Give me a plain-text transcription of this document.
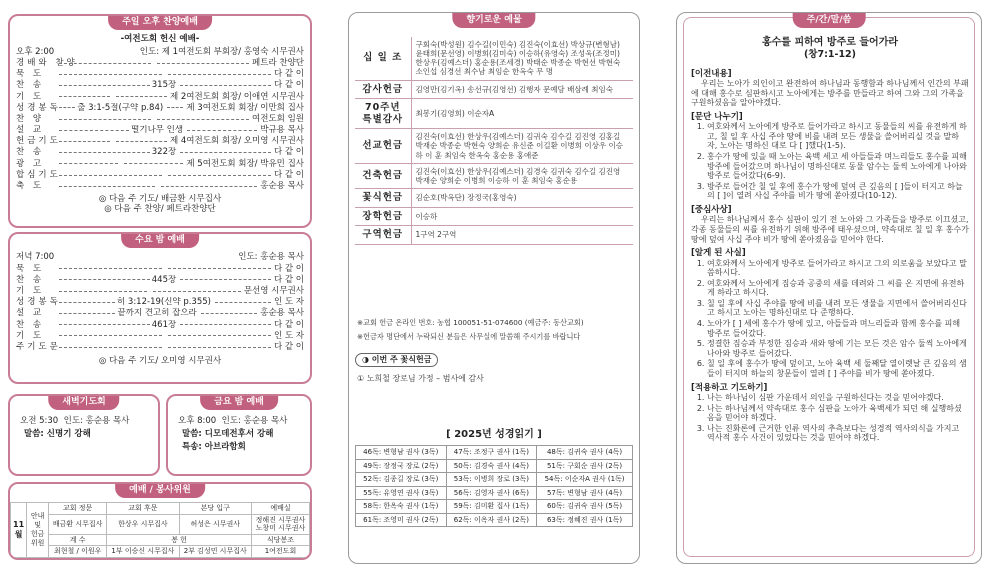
주일 오후 찬양예배
-여전도회 헌신 예배-
오후 2:00	인도: 제 1여전도회 부회장/ 홍영숙 시무권사
경배와 찬양	페트라 찬양단
묵 도	다 같 이
찬 송	315장	다 같 이
기 도	제 2여전도회 회장/ 이애연 시무권사
성경봉독 출 3:1-5절(구약 p.84)	제 3여전도회 회장/ 이만희 집사
찬 양	여전도회 임원
설 교	떨기나무 인생	박규용 목사
헌금기도	제 4여전도회 회장/ 오미영 시무권사
찬 송	322장	다 같 이
광 고	제 5여전도회 회장/ 박유민 집사
합심기도	다 같 이
축 도	홍순용 목사
◎ 다음 주 기도/ 배금환 시무집사
◎ 다음 주 찬양/ 페트라찬양단
수요 밤 예배
저녁 7:00	인도: 홍순용 목사
묵 도	다 같 이
찬 송	445장	다 같 이
기 도	문선영 시무권사
성경봉독	히 3:12-19(신약 p.355)	인 도 자
설 교	끝까지 견고히 잡으라	홍순용 목사
찬 송	461장	다 같 이
기 도	인 도 자
주기도문	다 같 이
◎ 다음 주 기도/ 오미영 시무권사
새벽기도회
오전 5:30 인도: 홍순용 목사
말씀: 신명기 강해
금요 밤 예배
오후 8:00 인도: 홍순용 목사
말씀: 디모데전후서 강해
특송: 아브라함회
예배 / 봉사위원
11
월	안내
및
헌금
위원	교회 정문	교회 후문	본당 입구	예배실
		배금환 시무집사	한상우 시무집사	허성은 시무권사	정해진 시무권사
노창미 시무권사
		계 수	봉 헌		식당봉조
		최현철 / 이원우	1부 이승신 시무집사	2부 김성민 시무집사	1여전도회
향기로운 예물
십 일 조	구회숙(박성원) 김수길(이민숙) 김진숙(이효선) 박상규(변형남) 윤태희(문선영) 이병희(김미숙) 이승하(유영숙) 조성욱(조정미) 한상우(김예스더) 홍순용(조세경) 박태순 박종순 박현선 박현숙 소인섭 심경선 최수남 최임순 한옥숙 무 명
감사헌금	김영만(김기옥) 송선규(김영선) 김행자 문예담 배삼례 최임숙
70주년 특별감사	최봉기(김영희) 이순자A
선교헌금	김진숙(이효선) 한상우(김예스더) 김귀숙 김수길 김진영 김홍길 박재순 박종순 박현숙 양희순 유신준 이길환 이병희 이상우 이승하 이 훈 최임숙 한옥숙 홍순용 홍애준
건축헌금	김진숙(이효선) 한상우(김예스더) 김경숙 김귀숙 김수길 김진영 박재순 양희순 이병희 이승하 이 훈 최임숙 홍순용
꽃식헌금	김순호(박옥단) 장정국(홍영숙)
장학헌금	이승하
구역헌금	1구역 2구역
※교회 헌금 온라인 번호: 농협 100051-51-074600 (예금주: 동산교회)
※헌금자 명단에서 누락되신 분들은 사무실에 말씀해 주시기를 바랍니다
◑ 이번 주 꽃식헌금
① 노희철 장로님 가정 – 범사에 감사
[ 2025년 성경읽기 ]
46독: 변형남 권사 (3독)	47독: 조정구 권사 (1독)	48독: 김귀숙 권사 (4독)
49독: 장정국 장로 (2독)	50독: 김경숙 권사 (4독)	51독: 구회순 권사 (2독)
52독: 김종길 장로 (3독)	53독: 이병희 장로 (3독)	54독: 이순자A 권사 (1독)
55독: 유영연 권사 (3독)	56독: 김영자 권사 (6독)	57독: 변형남 권사 (4독)
58독: 한옥숙 권사 (1독)	59독: 김미환 집사 (1독)	60독: 김귀숙 권사 (5독)
61독: 조영미 권사 (2독)	62독: 이옥자 권사 (2독)	63독: 정혜진 권사 (1독)
주/간/말/씀
홍수를 피하여 방주로 들어가라
(창7:1-12)
[이전내용]
우리는 노아가 의인이고 완전하여 하나님과 동행함과 하나님께서 인간의 부패에 대해 홍수로 심판하시고 노아에게는 방주를 만들라고 하여 그와 그의 가족을 구원하셨음을 알아야겠다.
[문단 나누기]
1. 여호와께서 노아에게 방주로 들어가라고 하시고 동물들의 씨를 유전하게 하고, 칠 일 후 사십 주야 땅에 비를 내려 모든 생물을 쓸어버리실 것을 말하자, 노아는 명하신 대로 다 [ ]했다(1-5).
2. 홍수가 땅에 있을 때 노아는 육백 세고 세 아들들과 며느리들도 홍수를 피해 방주에 들어갔으며 하나님이 명하신대로 동물 암수는 둘씩 노아에게 나아와 방주로 들어갔다(6-9).
3. 방주로 들어간 칠 일 후에 홍수가 땅에 덮여 큰 깊음의 [ ]들이 터지고 하늘의 [ ]이 열려 사십 주야를 비가 땅에 쏟아졌다(10-12).
[중심사상]
우리는 하나님께서 홍수 심판이 있기 전 노아와 그 가족들을 방주로 이끄셨고, 각종 동물들의 씨를 유전하기 위해 방주에 태우셨으며, 약속대로 칠 일 후 홍수가 땅에 덮여 사십 주야 비가 땅에 쏟아졌음을 믿어야 한다.
[알게 된 사실]
1. 여호와께서 노아에게 방주로 들어가라고 하시고 그의 의로움을 보았다고 말씀하시다.
2. 여호와께서 노아에게 짐승과 공중의 새를 데려와 그 씨를 온 지면에 유전하게 하라고 하시다.
3. 칠 일 후에 사십 주야를 땅에 비를 내려 모든 생물을 지면에서 쓸어버리신다고 하시고 노아는 명하신대로 다 준행하다.
4. 노아가 [ ] 세에 홍수가 땅에 있고, 아들들과 며느리들과 함께 홍수를 피해 방주로 들어갔다.
5. 정결한 짐승과 부정한 짐승과 새와 땅에 기는 모든 것은 암수 둘씩 노아에게 나아와 방주로 들어갔다.
6. 칠 일 후에 홍수가 땅에 덮이고, 노아 육백 세 둘째달 열이렛날 큰 깊음의 샘들이 터지며 하늘의 창문들이 열려 [ ] 주야를 비가 땅에 쏟아졌다.
[적용하고 기도하기]
1. 나는 하나님이 심판 가운데서 의인을 구원하신다는 것을 믿어야겠다.
2. 나는 하나님께서 약속대로 홍수 심판을 노아가 육백세가 되던 해 실행하셨음을 믿어야 하겠다.
3. 나는 진화론에 근거한 인류 역사의 추측보다는 성경적 역사의식을 가지고 역사적 홍수 사건이 있었다는 것을 믿어야 하겠다.
